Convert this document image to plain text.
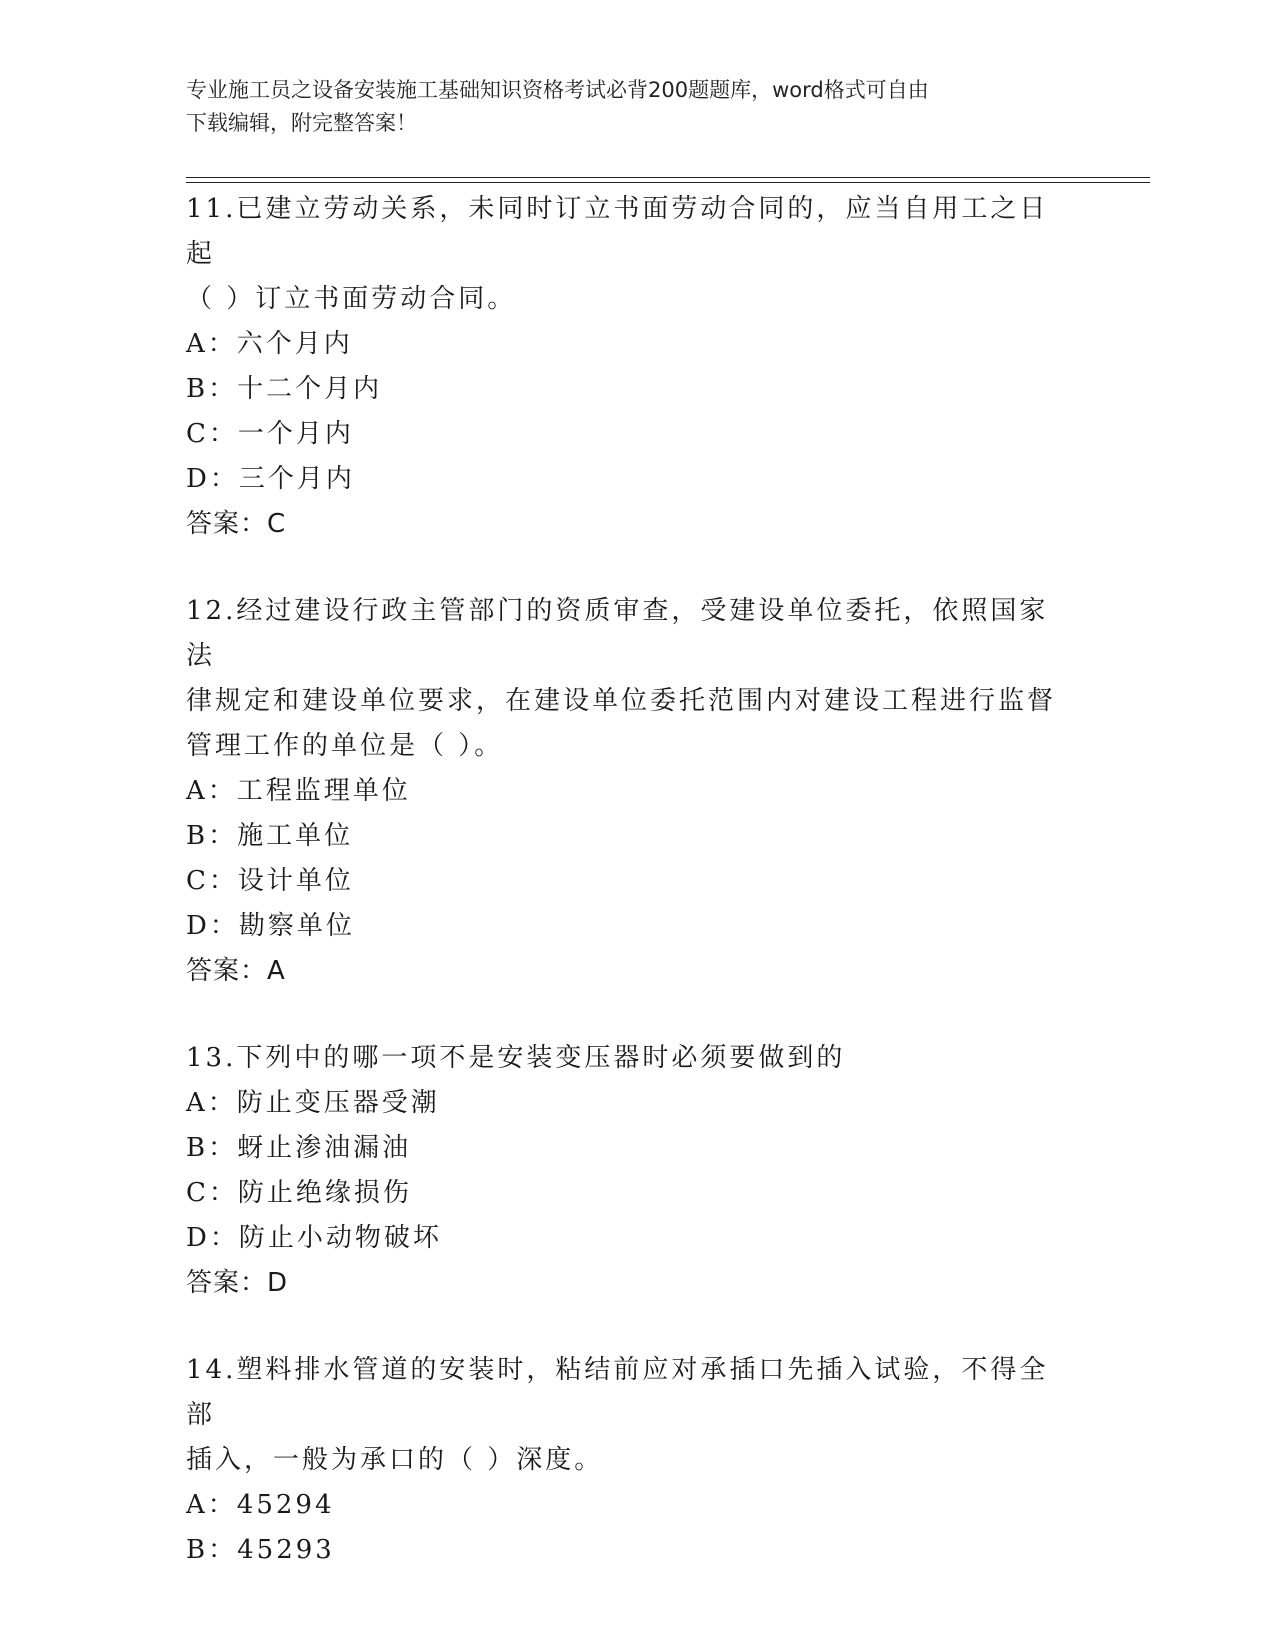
专业施工员之设备安装施工基础知识资格考试必背200题题库，word格式可自由
下载编辑，附完整答案！
11.已建立劳动关系，未同时订立书面劳动合同的，应当自用工之日起
（ ）订立书面劳动合同。
A：六个月内
B：十二个月内
C：一个月内
D：三个月内
答案：C
12.经过建设行政主管部门的资质审查，受建设单位委托，依照国家法
律规定和建设单位要求，在建设单位委托范围内对建设工程进行监督
管理工作的单位是（ ）。
A：工程监理单位
B：施工单位
C：设计单位
D：勘察单位
答案：A
13.下列中的哪一项不是安装变压器时必须要做到的
A：防止变压器受潮
B：蚜止渗油漏油
C：防止绝缘损伤
D：防止小动物破坏
答案：D
14.塑料排水管道的安装时，粘结前应对承插口先插入试验，不得全部
插入，一般为承口的（ ）深度。
A：45294
B：45293
